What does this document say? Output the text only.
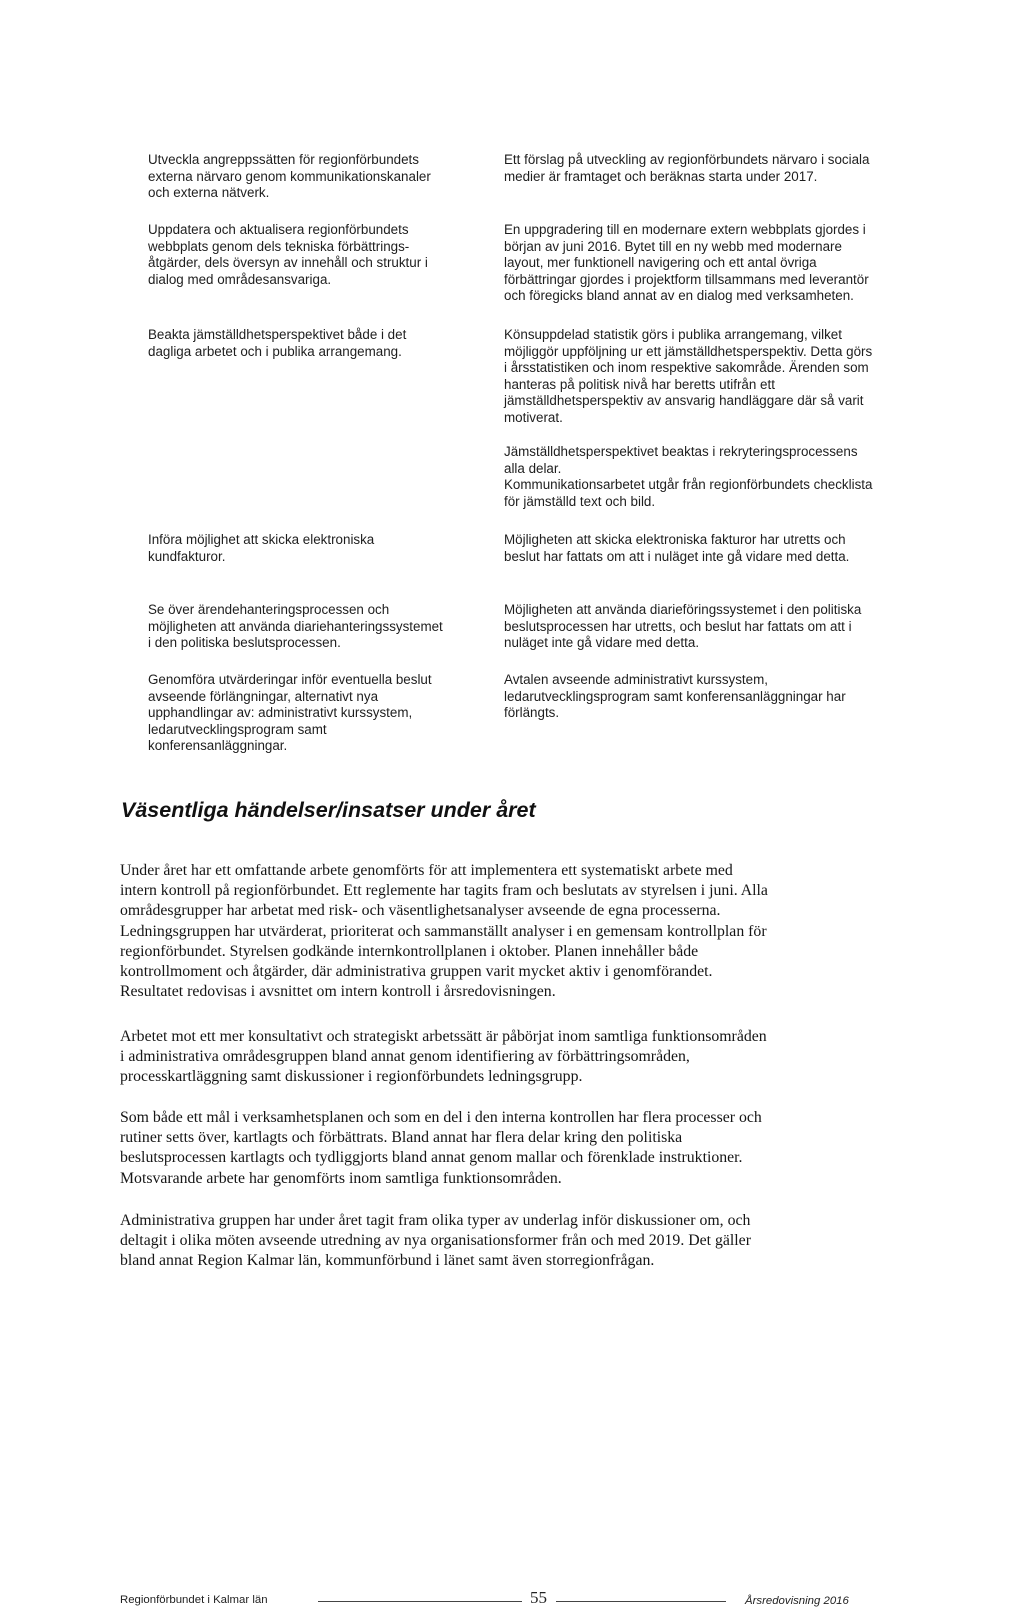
Utveckla angreppssätten för regionförbundets
externa närvaro genom kommunikationskanaler
och externa nätverk.
Ett förslag på utveckling av regionförbundets närvaro i sociala
medier är framtaget och beräknas starta under 2017.
Uppdatera och aktualisera regionförbundets
webbplats genom dels tekniska förbättrings-
åtgärder, dels översyn av innehåll och struktur i
dialog med områdesansvariga.
En uppgradering till en modernare extern webbplats gjordes i
början av juni 2016. Bytet till en ny webb med modernare
layout, mer funktionell navigering och ett antal övriga
förbättringar gjordes i projektform tillsammans med leverantör
och föregicks bland annat av en dialog med verksamheten.
Beakta jämställdhetsperspektivet både i det
dagliga arbetet och i publika arrangemang.
Könsuppdelad statistik görs i publika arrangemang, vilket
möjliggör uppföljning ur ett jämställdhetsperspektiv. Detta görs
i årsstatistiken och inom respektive sakområde. Ärenden som
hanteras på politisk nivå har beretts utifrån ett
jämställdhetsperspektiv av ansvarig handläggare där så varit
motiverat.
Jämställdhetsperspektivet beaktas i rekryteringsprocessens
alla delar.
Kommunikationsarbetet utgår från regionförbundets checklista
för jämställd text och bild.
Införa möjlighet att skicka elektroniska
kundfakturor.
Möjligheten att skicka elektroniska fakturor har utretts och
beslut har fattats om att i nuläget inte gå vidare med detta.
Se över ärendehanteringsprocessen och
möjligheten att använda diariehanteringssystemet
i den politiska beslutsprocessen.
Möjligheten att använda diarieföringssystemet i den politiska
beslutsprocessen har utretts, och beslut har fattats om att i
nuläget inte gå vidare med detta.
Genomföra utvärderingar inför eventuella beslut
avseende förlängningar, alternativt nya
upphandlingar av: administrativt kurssystem,
ledarutvecklingsprogram samt
konferensanläggningar.
Avtalen avseende administrativt kurssystem,
ledarutvecklingsprogram samt konferensanläggningar har
förlängts.
Väsentliga händelser/insatser under året
Under året har ett omfattande arbete genomförts för att implementera ett systematiskt arbete med
intern kontroll på regionförbundet. Ett reglemente har tagits fram och beslutats av styrelsen i juni. Alla
områdesgrupper har arbetat med risk- och väsentlighetsanalyser avseende de egna processerna.
Ledningsgruppen har utvärderat, prioriterat och sammanställt analyser i en gemensam kontrollplan för
regionförbundet. Styrelsen godkände internkontrollplanen i oktober. Planen innehåller både
kontrollmoment och åtgärder, där administrativa gruppen varit mycket aktiv i genomförandet.
Resultatet redovisas i avsnittet om intern kontroll i årsredovisningen.
Arbetet mot ett mer konsultativt och strategiskt arbetssätt är påbörjat inom samtliga funktionsområden
i administrativa områdesgruppen bland annat genom identifiering av förbättringsområden,
processkartläggning samt diskussioner i regionförbundets ledningsgrupp.
Som både ett mål i verksamhetsplanen och som en del i den interna kontrollen har flera processer och
rutiner setts över, kartlagts och förbättrats. Bland annat har flera delar kring den politiska
beslutsprocessen kartlagts och tydliggjorts bland annat genom mallar och förenklade instruktioner.
Motsvarande arbete har genomförts inom samtliga funktionsområden.
Administrativa gruppen har under året tagit fram olika typer av underlag inför diskussioner om, och
deltagit i olika möten avseende utredning av nya organisationsformer från och med 2019. Det gäller
bland annat Region Kalmar län, kommunförbund i länet samt även storregionfrågan.
Regionförbundet i Kalmar län	55	Årsredovisning 2016
